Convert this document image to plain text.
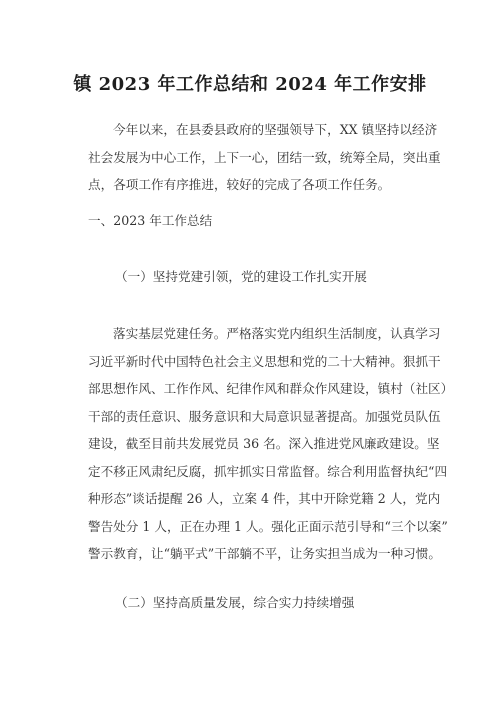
镇 2023 年工作总结和 2024 年工作安排
今年以来，在县委县政府的坚强领导下，XX 镇坚持以经济
社会发展为中心工作，上下一心，团结一致，统筹全局，突出重
点，各项工作有序推进，较好的完成了各项工作任务。
一、2023 年工作总结
（一）坚持党建引领，党的建设工作扎实开展
落实基层党建任务。严格落实党内组织生活制度，认真学习
习近平新时代中国特色社会主义思想和党的二十大精神。狠抓干
部思想作风、工作作风、纪律作风和群众作风建设，镇村（社区）
干部的责任意识、服务意识和大局意识显著提高。加强党员队伍
建设，截至目前共发展党员 36 名。深入推进党风廉政建设。坚
定不移正风肃纪反腐，抓牢抓实日常监督。综合利用监督执纪“四
种形态”谈话提醒 26 人，立案 4 件，其中开除党籍 2 人，党内
警告处分 1 人，正在办理 1 人。强化正面示范引导和“三个以案”
警示教育，让“躺平式”干部躺不平，让务实担当成为一种习惯。
（二）坚持高质量发展，综合实力持续增强
